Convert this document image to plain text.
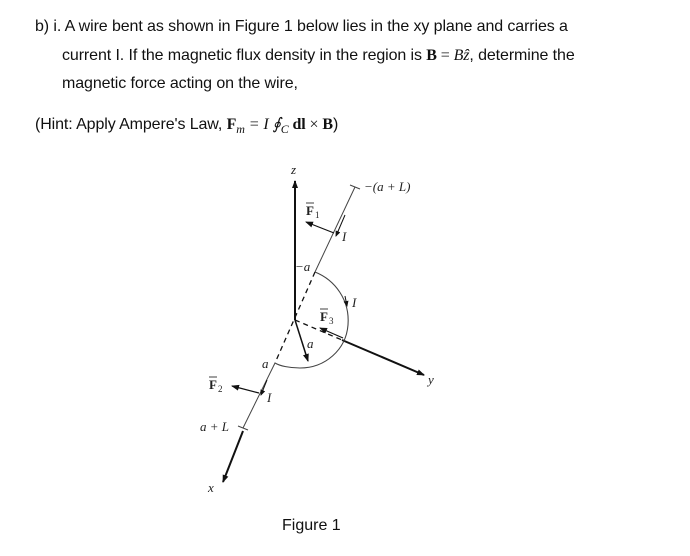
b) i. A wire bent as shown in Figure 1 below lies in the xy plane and carries a
current I. If the magnetic flux density in the region is B = Bẑ, determine the
magnetic force acting on the wire,
(Hint: Apply Ampere's Law, $F_m = I$ $∮_C$ dl × B)
z
y
x
−(a + L)
−a
a
a
a + L
I
I
I
F 1
F 2
F 3
Figure 1
